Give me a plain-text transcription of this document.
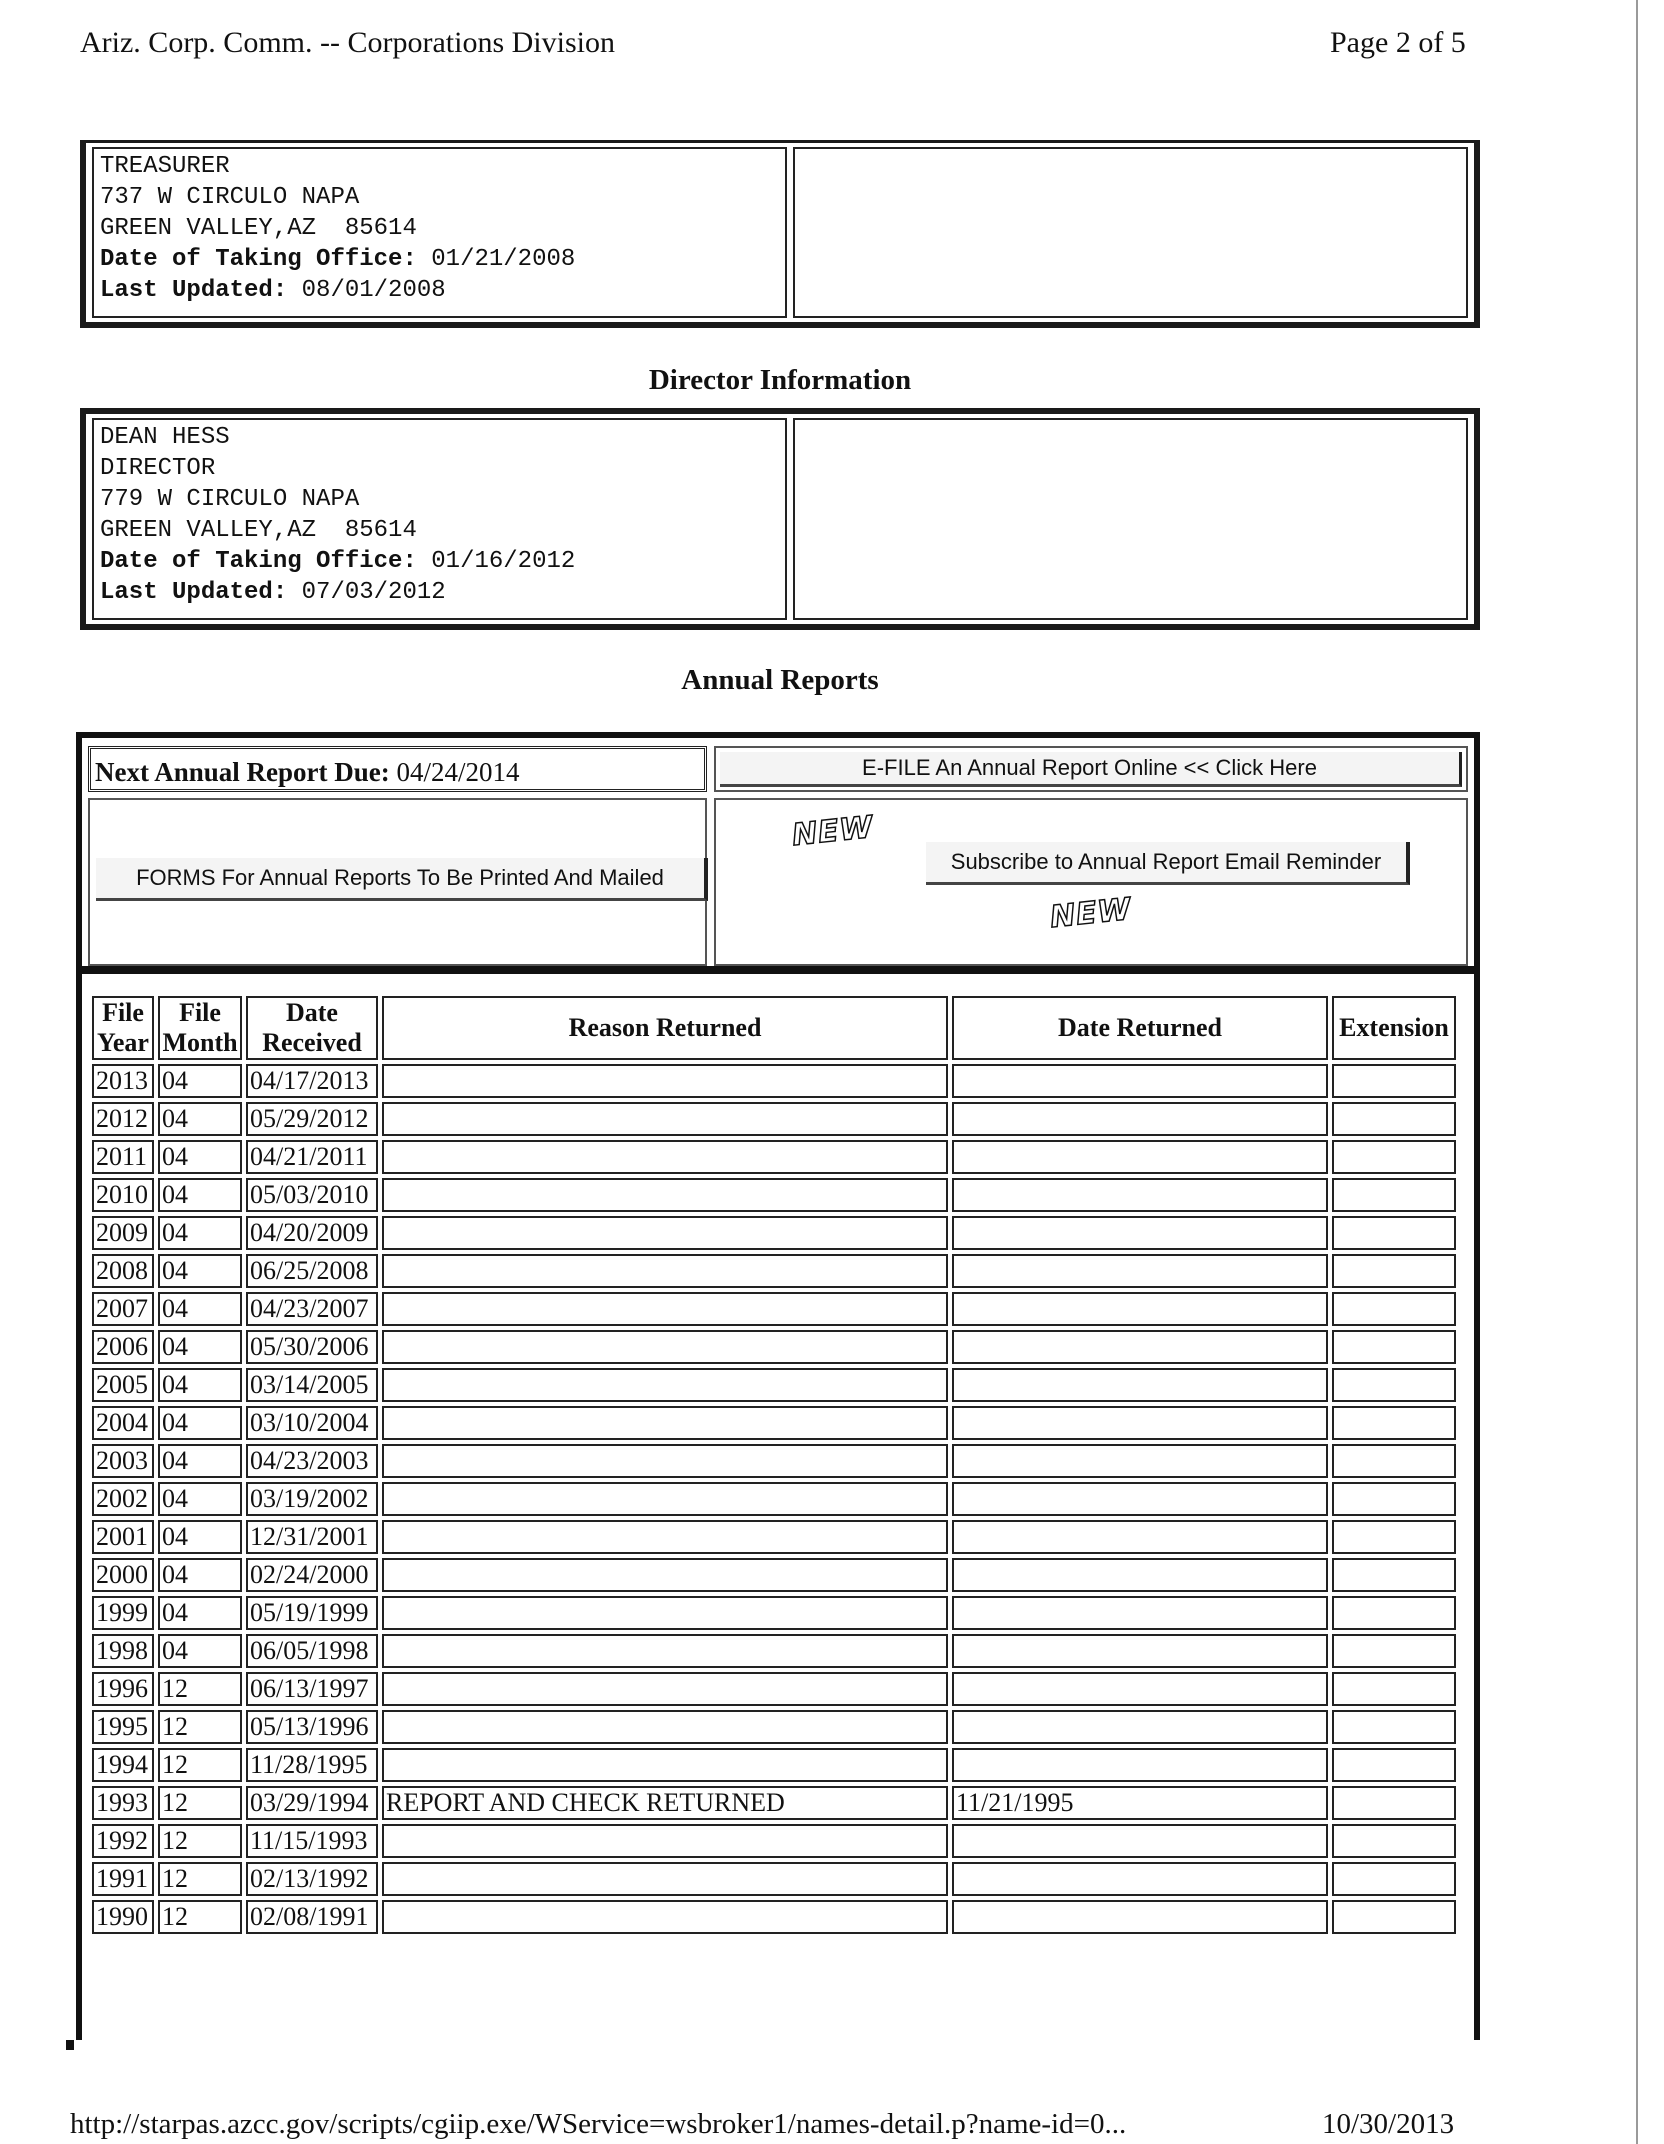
Ariz. Corp. Comm. -- Corporations Division	Page 2 of 5
TREASURER
737 W CIRCULO NAPA
GREEN VALLEY,AZ  85614
Date of Taking Office: 01/21/2008
Last Updated: 08/01/2008
Director Information
DEAN HESS
DIRECTOR
779 W CIRCULO NAPA
GREEN VALLEY,AZ  85614
Date of Taking Office: 01/16/2012
Last Updated: 07/03/2012
Annual Reports
Next Annual Report Due: 04/24/2014	E-FILE An Annual Report Online << Click Here
FORMS For Annual Reports To Be Printed And Mailed
NEW
Subscribe to Annual Report Email Reminder
NEW
File Year	File Month	Date Received	Reason Returned	Date Returned	Extension
2013	04	04/17/2013			
2012	04	05/29/2012			
2011	04	04/21/2011			
2010	04	05/03/2010			
2009	04	04/20/2009			
2008	04	06/25/2008			
2007	04	04/23/2007			
2006	04	05/30/2006			
2005	04	03/14/2005			
2004	04	03/10/2004			
2003	04	04/23/2003			
2002	04	03/19/2002			
2001	04	12/31/2001			
2000	04	02/24/2000			
1999	04	05/19/1999			
1998	04	06/05/1998			
1996	12	06/13/1997			
1995	12	05/13/1996			
1994	12	11/28/1995			
1993	12	03/29/1994	REPORT AND CHECK RETURNED	11/21/1995	
1992	12	11/15/1993			
1991	12	02/13/1992			
1990	12	02/08/1991			
http://starpas.azcc.gov/scripts/cgiip.exe/WService=wsbroker1/names-detail.p?name-id=0...	10/30/2013
